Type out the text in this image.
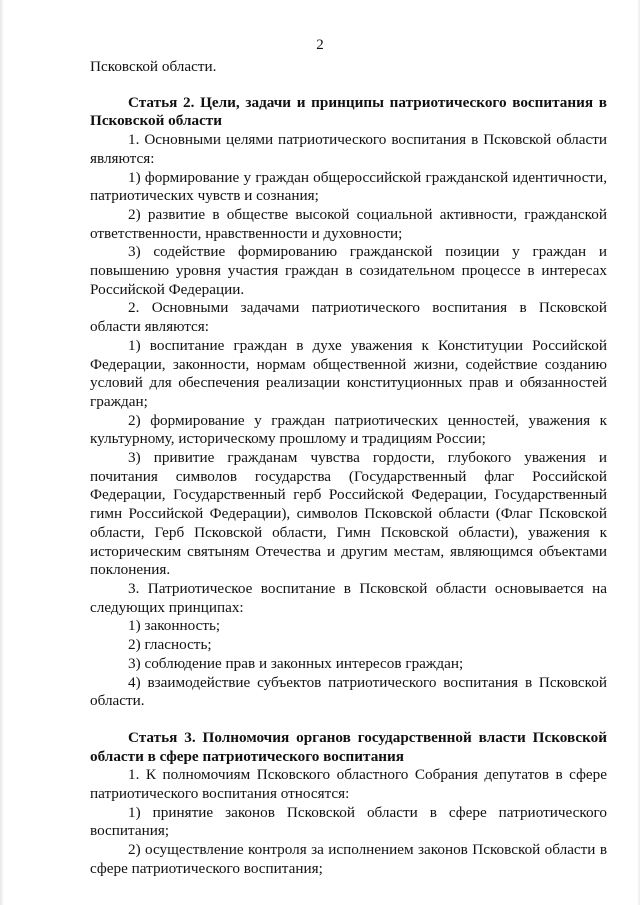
2

Псковской области.

Статья 2. Цели, задачи и принципы патриотического воспитания в Псковской области

1. Основными целями патриотического воспитания в Псковской области являются:

1) формирование у граждан общероссийской гражданской идентичности, патриотических чувств и сознания;

2) развитие в обществе высокой социальной активности, гражданской ответственности, нравственности и духовности;

3) содействие формированию гражданской позиции у граждан и повышению уровня участия граждан в созидательном процессе в интересах Российской Федерации.

2. Основными задачами патриотического воспитания в Псковской области являются:

1) воспитание граждан в духе уважения к Конституции Российской Федерации, законности, нормам общественной жизни, содействие созданию условий для обеспечения реализации конституционных прав и обязанностей граждан;

2) формирование у граждан патриотических ценностей, уважения к культурному, историческому прошлому и традициям России;

3) привитие гражданам чувства гордости, глубокого уважения и почитания символов государства (Государственный флаг Российской Федерации, Государственный герб Российской Федерации, Государственный гимн Российской Федерации), символов Псковской области (Флаг Псковской области, Герб Псковской области, Гимн Псковской области), уважения к историческим святыням Отечества и другим местам, являющимся объектами поклонения.

3. Патриотическое воспитание в Псковской области основывается на следующих принципах:

1) законность;

2) гласность;

3) соблюдение прав и законных интересов граждан;

4) взаимодействие субъектов патриотического воспитания в Псковской области.

Статья 3. Полномочия органов государственной власти Псковской области в сфере патриотического воспитания

1. К полномочиям Псковского областного Собрания депутатов в сфере патриотического воспитания относятся:

1) принятие законов Псковской области в сфере патриотического воспитания;

2) осуществление контроля за исполнением законов Псковской области в сфере патриотического воспитания;
